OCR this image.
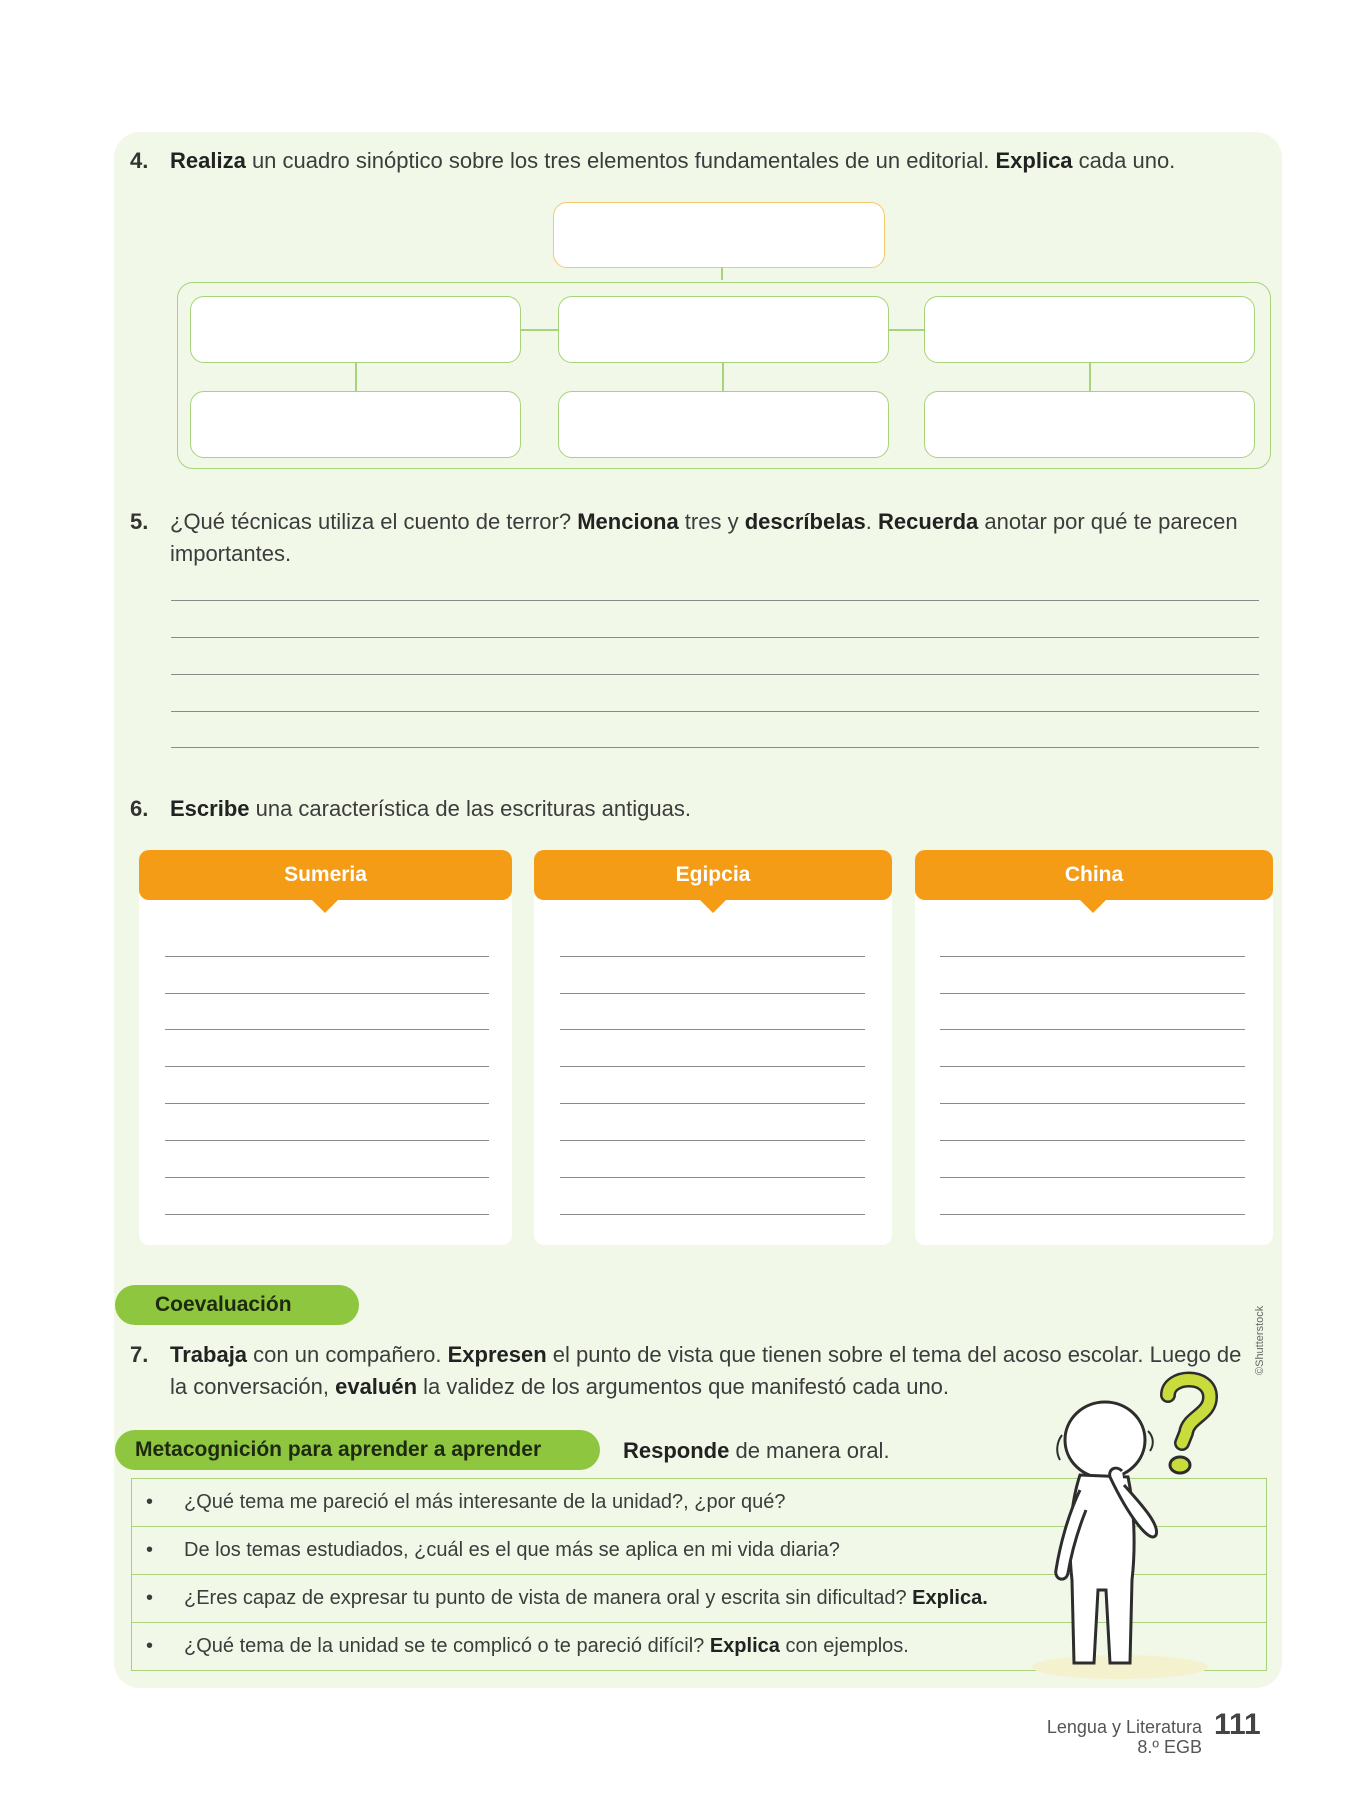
4. Realiza un cuadro sinóptico sobre los tres elementos fundamentales de un editorial. Explica cada uno.
5. ¿Qué técnicas utiliza el cuento de terror? Menciona tres y descríbelas. Recuerda anotar por qué te parecen
importantes.
6. Escribe una característica de las escrituras antiguas.
Sumeria	Egipcia	China
Coevaluación
7. Trabaja con un compañero. Expresen el punto de vista que tienen sobre el tema del acoso escolar. Luego de
la conversación, evaluén la validez de los argumentos que manifestó cada uno.
Metacognición para aprender a aprender	Responde de manera oral.
• ¿Qué tema me pareció el más interesante de la unidad?, ¿por qué?
• De los temas estudiados, ¿cuál es el que más se aplica en mi vida diaria?
• ¿Eres capaz de expresar tu punto de vista de manera oral y escrita sin dificultad? Explica.
• ¿Qué tema de la unidad se te complicó o te pareció difícil? Explica con ejemplos.
©Shutterstock
Lengua y Literatura
8.º EGB
111
